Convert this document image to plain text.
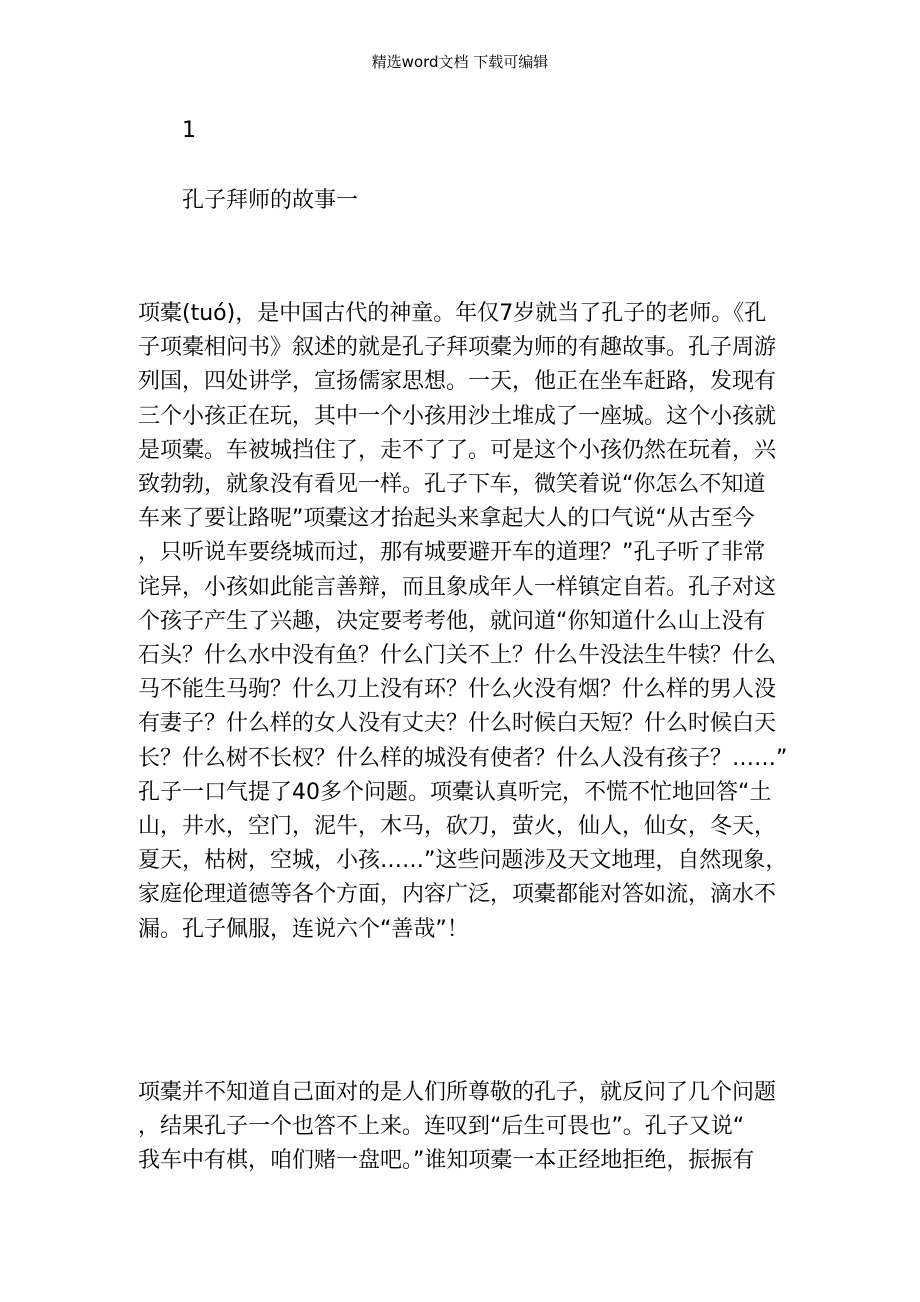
精选word文档 下载可编辑
1
孔子拜师的故事一
项橐(tuó)，是中国古代的神童。年仅7岁就当了孔子的老师。《孔
子项橐相问书》叙述的就是孔子拜项橐为师的有趣故事。孔子周游
列国，四处讲学，宣扬儒家思想。一天，他正在坐车赶路，发现有
三个小孩正在玩，其中一个小孩用沙土堆成了一座城。这个小孩就
是项橐。车被城挡住了，走不了了。可是这个小孩仍然在玩着，兴
致勃勃，就象没有看见一样。孔子下车，微笑着说“你怎么不知道
车来了要让路呢”项橐这才抬起头来拿起大人的口气说“从古至今
，只听说车要绕城而过，那有城要避开车的道理？”孔子听了非常
诧异，小孩如此能言善辩，而且象成年人一样镇定自若。孔子对这
个孩子产生了兴趣，决定要考考他，就问道“你知道什么山上没有
石头？什么水中没有鱼？什么门关不上？什么牛没法生牛犊？什么
马不能生马驹？什么刀上没有环？什么火没有烟？什么样的男人没
有妻子？什么样的女人没有丈夫？什么时候白天短？什么时候白天
长？什么树不长杈？什么样的城没有使者？什么人没有孩子？……”
孔子一口气提了40多个问题。项橐认真听完，不慌不忙地回答“土
山，井水，空门，泥牛，木马，砍刀，萤火，仙人，仙女，冬天，
夏天，枯树，空城，小孩……”这些问题涉及天文地理，自然现象，
家庭伦理道德等各个方面，内容广泛，项橐都能对答如流，滴水不
漏。孔子佩服，连说六个“善哉”！
项橐并不知道自己面对的是人们所尊敬的孔子，就反问了几个问题
，结果孔子一个也答不上来。连叹到“后生可畏也”。孔子又说“
我车中有棋，咱们赌一盘吧。”谁知项橐一本正经地拒绝，振振有
